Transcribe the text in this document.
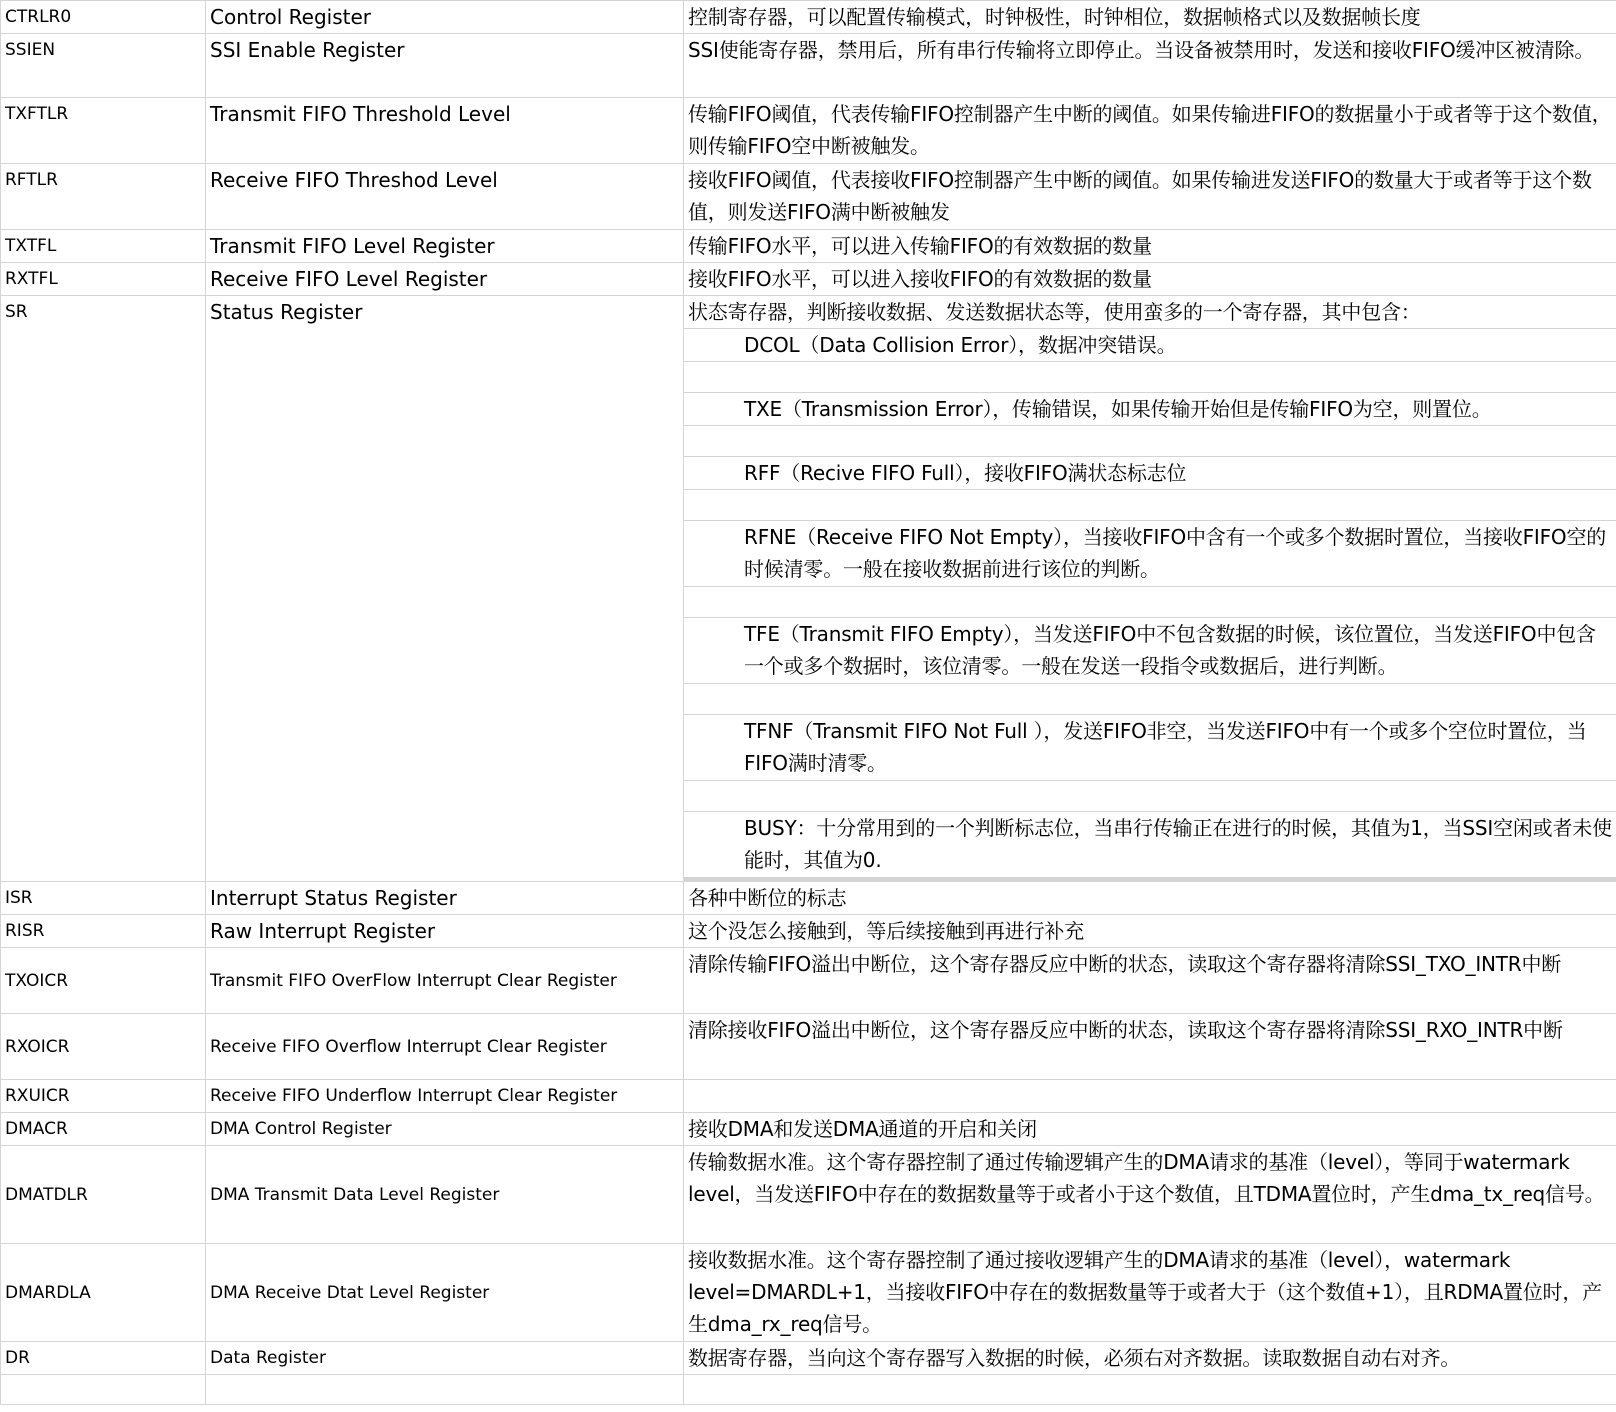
CTRLR0	Control Register	控制寄存器，可以配置传输模式，时钟极性，时钟相位，数据帧格式以及数据帧长度
SSIEN	SSI Enable Register	SSI使能寄存器，禁用后，所有串行传输将立即停止。当设备被禁用时，发送和接收FIFO缓冲区被清除。
TXFTLR	Transmit FIFO Threshold Level	传输FIFO阈值，代表传输FIFO控制器产生中断的阈值。如果传输进FIFO的数据量小于或者等于这个数值，则传输FIFO空中断被触发。
RFTLR	Receive FIFO Threshod Level	接收FIFO阈值，代表接收FIFO控制器产生中断的阈值。如果传输进发送FIFO的数量大于或者等于这个数值，则发送FIFO满中断被触发
TXTFL	Transmit FIFO Level Register	传输FIFO水平，可以进入传输FIFO的有效数据的数量
RXTFL	Receive FIFO Level Register	接收FIFO水平，可以进入接收FIFO的有效数据的数量
SR	Status Register	状态寄存器，判断接收数据、发送数据状态等，使用蛮多的一个寄存器，其中包含：
		DCOL（Data Collision Error），数据冲突错误。

		TXE（Transmission Error），传输错误，如果传输开始但是传输FIFO为空，则置位。

		RFF（Recive FIFO Full），接收FIFO满状态标志位

		RFNE（Receive FIFO Not Empty），当接收FIFO中含有一个或多个数据时置位，当接收FIFO空的时候清零。一般在接收数据前进行该位的判断。

		TFE（Transmit FIFO Empty），当发送FIFO中不包含数据的时候，该位置位，当发送FIFO中包含一个或多个数据时，该位清零。一般在发送一段指令或数据后，进行判断。

		TFNF（Transmit FIFO Not Full ），发送FIFO非空，当发送FIFO中有一个或多个空位时置位，当FIFO满时清零。

		BUSY：十分常用到的一个判断标志位，当串行传输正在进行的时候，其值为1，当SSI空闲或者未使能时，其值为0.

ISR	Interrupt Status Register	各种中断位的标志
RISR	Raw Interrupt Register	这个没怎么接触到，等后续接触到再进行补充
TXOICR	Transmit FIFO OverFlow Interrupt Clear Register	清除传输FIFO溢出中断位，这个寄存器反应中断的状态，读取这个寄存器将清除SSI_TXO_INTR中断
RXOICR	Receive FIFO Overflow Interrupt Clear Register	清除接收FIFO溢出中断位，这个寄存器反应中断的状态，读取这个寄存器将清除SSI_RXO_INTR中断
RXUICR	Receive FIFO Underflow Interrupt Clear Register	
DMACR	DMA Control Register	接收DMA和发送DMA通道的开启和关闭
DMATDLR	DMA Transmit Data Level Register	传输数据水准。这个寄存器控制了通过传输逻辑产生的DMA请求的基准（level），等同于watermark level，当发送FIFO中存在的数据数量等于或者小于这个数值，且TDMA置位时，产生dma_tx_req信号。
DMARDLA	DMA Receive Dtat Level Register	接收数据水准。这个寄存器控制了通过接收逻辑产生的DMA请求的基准（level），watermark level=DMARDL+1，当接收FIFO中存在的数据数量等于或者大于（这个数值+1），且RDMA置位时，产生dma_rx_req信号。
DR	Data Register	数据寄存器，当向这个寄存器写入数据的时候，必须右对齐数据。读取数据自动右对齐。
